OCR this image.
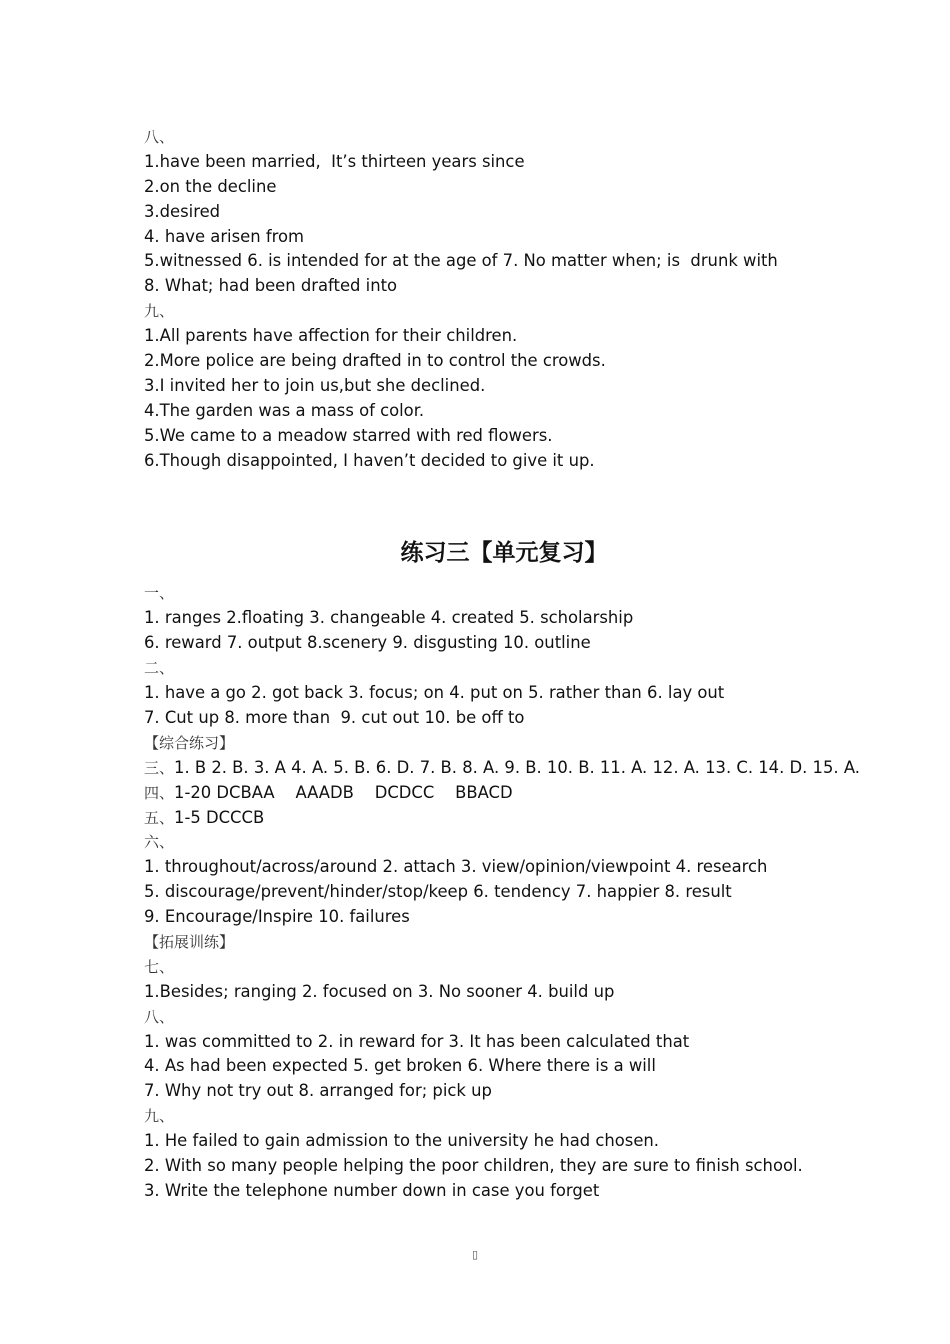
八、
1.have been married,  It’s thirteen years since
2.on the decline
3.desired
4. have arisen from
5.witnessed 6. is intended for at the age of 7. No matter when; is  drunk with
8. What; had been drafted into
九、
1.All parents have affection for their children.
2.More police are being drafted in to control the crowds.
3.I invited her to join us,but she declined.
4.The garden was a mass of color.
5.We came to a meadow starred with red flowers.
6.Though disappointed, I haven’t decided to give it up.
练习三【单元复习】
一、
1. ranges 2.floating 3. changeable 4. created 5. scholarship
6. reward 7. output 8.scenery 9. disgusting 10. outline
二、
1. have a go 2. got back 3. focus; on 4. put on 5. rather than 6. lay out
7. Cut up 8. more than  9. cut out 10. be off to
【综合练习】
三、1. B 2. B. 3. A 4. A. 5. B. 6. D. 7. B. 8. A. 9. B. 10. B. 11. A. 12. A. 13. C. 14. D. 15. A.
四、1-20 DCBAA    AAADB    DCDCC    BBACD
五、1-5 DCCCB
六、
1. throughout/across/around 2. attach 3. view/opinion/viewpoint 4. research
5. discourage/prevent/hinder/stop/keep 6. tendency 7. happier 8. result
9. Encourage/Inspire 10. failures
【拓展训练】
七、
1.Besides; ranging 2. focused on 3. No sooner 4. build up
八、
1. was committed to 2. in reward for 3. It has been calculated that
4. As had been expected 5. get broken 6. Where there is a will
7. Why not try out 8. arranged for; pick up
九、
1. He failed to gain admission to the university he had chosen.
2. With so many people helping the poor children, they are sure to finish school.
3. Write the telephone number down in case you forget
▯
